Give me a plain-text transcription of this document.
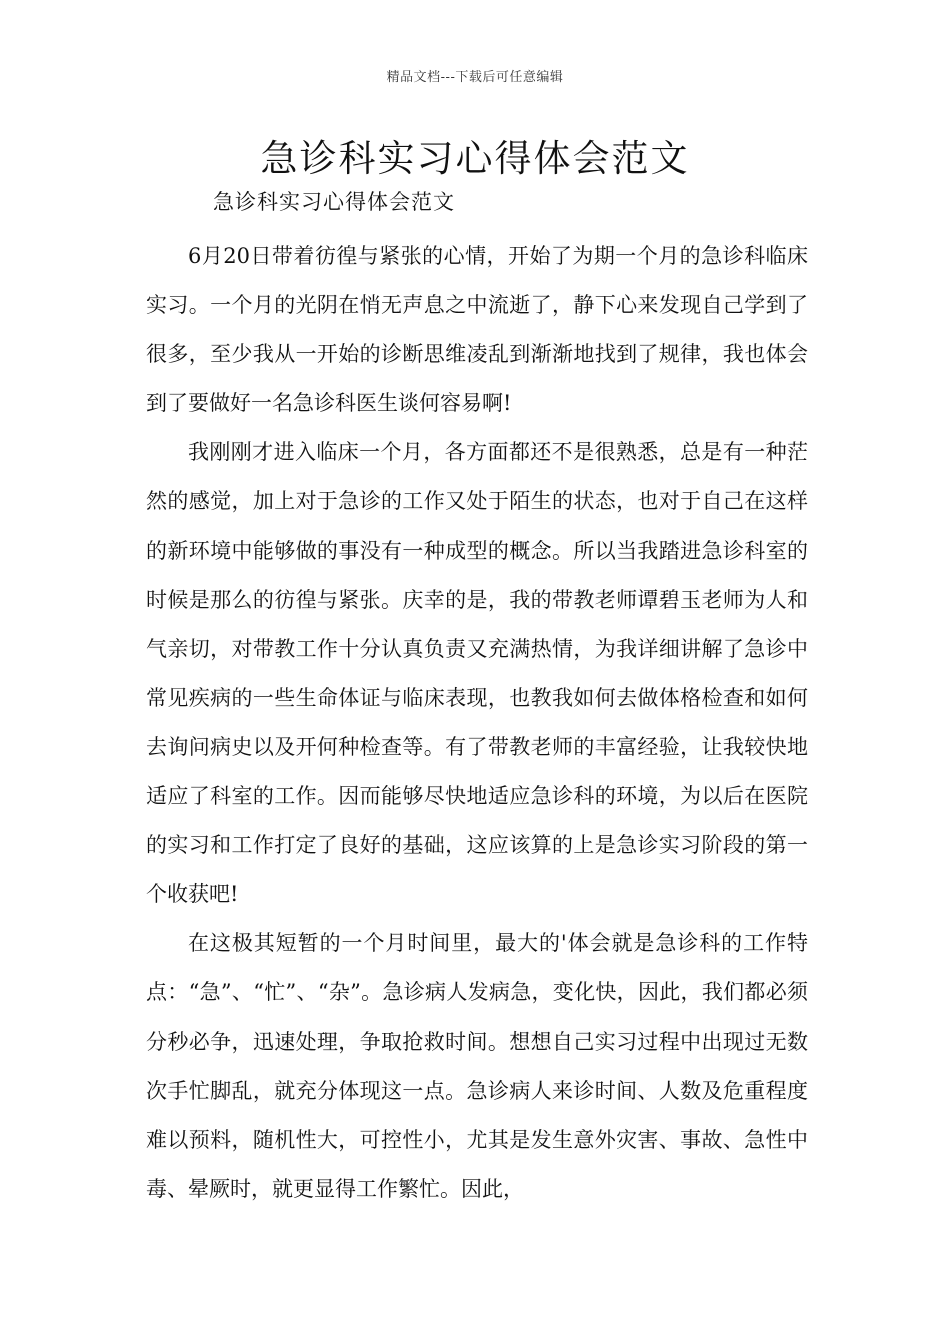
精品文档---下载后可任意编辑
急诊科实习心得体会范文
急诊科实习心得体会范文

6月20日带着彷徨与紧张的心情，开始了为期一个月的急诊科临床实习。一个月的光阴在悄无声息之中流逝了，静下心来发现自己学到了很多，至少我从一开始的诊断思维凌乱到渐渐地找到了规律，我也体会到了要做好一名急诊科医生谈何容易啊!

我刚刚才进入临床一个月，各方面都还不是很熟悉，总是有一种茫然的感觉，加上对于急诊的工作又处于陌生的状态，也对于自己在这样的新环境中能够做的事没有一种成型的概念。所以当我踏进急诊科室的时候是那么的彷徨与紧张。庆幸的是，我的带教老师谭碧玉老师为人和气亲切，对带教工作十分认真负责又充满热情，为我详细讲解了急诊中常见疾病的一些生命体证与临床表现，也教我如何去做体格检查和如何去询问病史以及开何种检查等。有了带教老师的丰富经验，让我较快地适应了科室的工作。因而能够尽快地适应急诊科的环境，为以后在医院的实习和工作打定了良好的基础，这应该算的上是急诊实习阶段的第一个收获吧!

在这极其短暂的一个月时间里，最大的'体会就是急诊科的工作特点：“急”、“忙”、“杂”。急诊病人发病急，变化快，因此，我们都必须分秒必争，迅速处理，争取抢救时间。想想自己实习过程中出现过无数次手忙脚乱，就充分体现这一点。急诊病人来诊时间、人数及危重程度难以预料，随机性大，可控性小，尤其是发生意外灾害、事故、急性中毒、晕厥时，就更显得工作繁忙。因此，
